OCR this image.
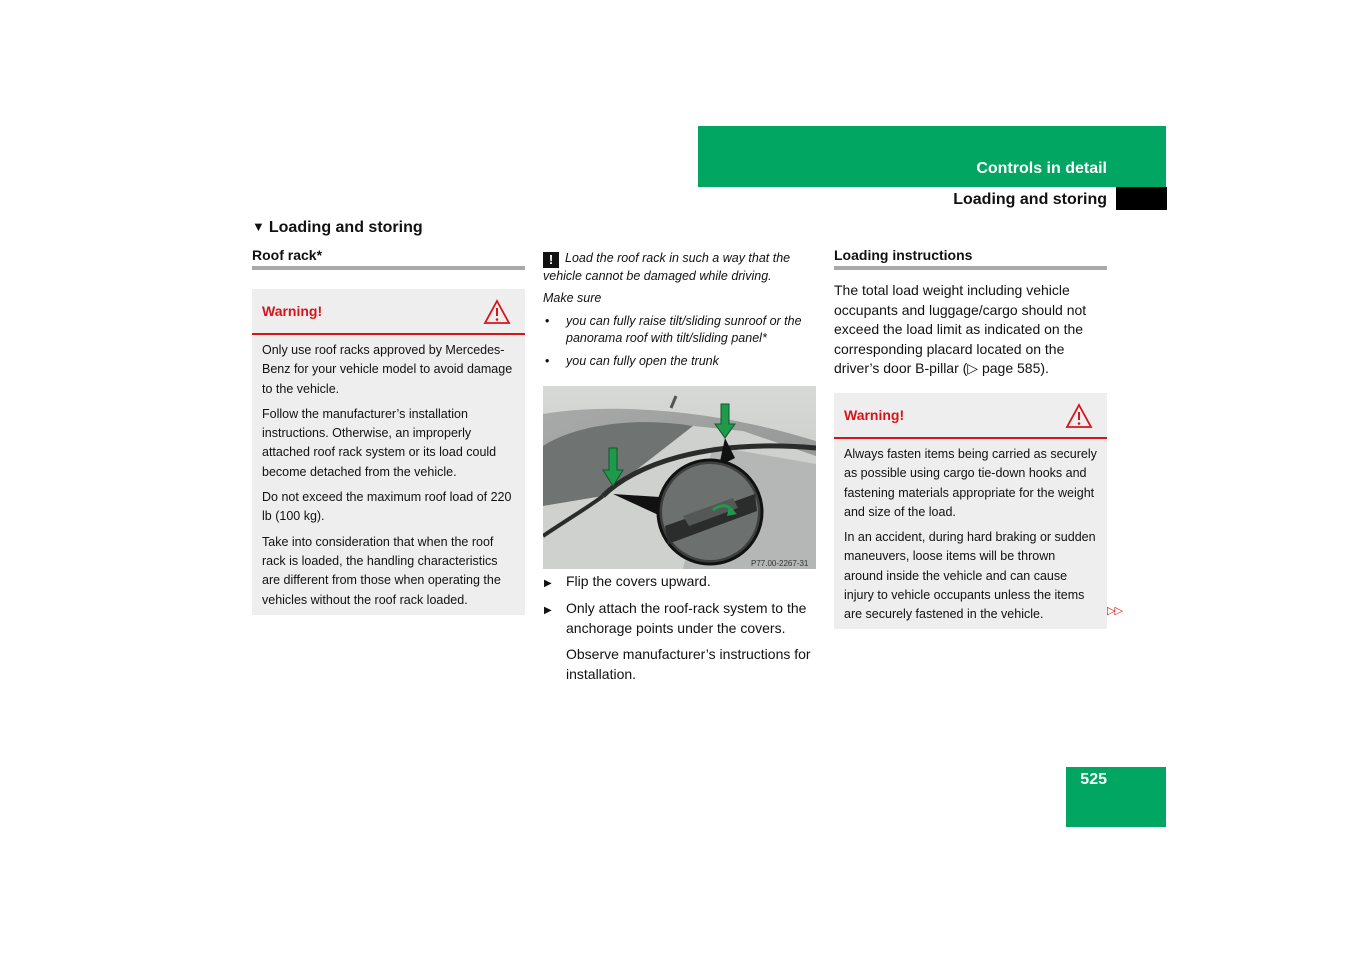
Controls in detail
Loading and storing
▼ Loading and storing
Roof rack*
Warning!

Only use roof racks approved by Mercedes-Benz for your vehicle model to avoid damage to the vehicle.

Follow the manufacturer’s installation instructions. Otherwise, an improperly attached roof rack system or its load could become detached from the vehicle.

Do not exceed the maximum roof load of 220 lb (100 kg).

Take into consideration that when the roof rack is loaded, the handling characteristics are different from those when operating the vehicles without the roof rack loaded.

! Load the roof rack in such a way that the vehicle cannot be damaged while driving.
Make sure
• you can fully raise tilt/sliding sunroof or the panorama roof with tilt/sliding panel*
• you can fully open the trunk
P77.00-2267-31
▶ Flip the covers upward.
▶ Only attach the roof-rack system to the anchorage points under the covers.
Observe manufacturer’s instructions for installation.
Loading instructions
The total load weight including vehicle occupants and luggage/cargo should not exceed the load limit as indicated on the corresponding placard located on the driver’s door B-pillar (▷ page 585).
Warning!

Always fasten items being carried as securely as possible using cargo tie-down hooks and fastening materials appropriate for the weight and size of the load.

In an accident, during hard braking or sudden maneuvers, loose items will be thrown around inside the vehicle and can cause injury to vehicle occupants unless the items are securely fastened in the vehicle.	▷▷
525
